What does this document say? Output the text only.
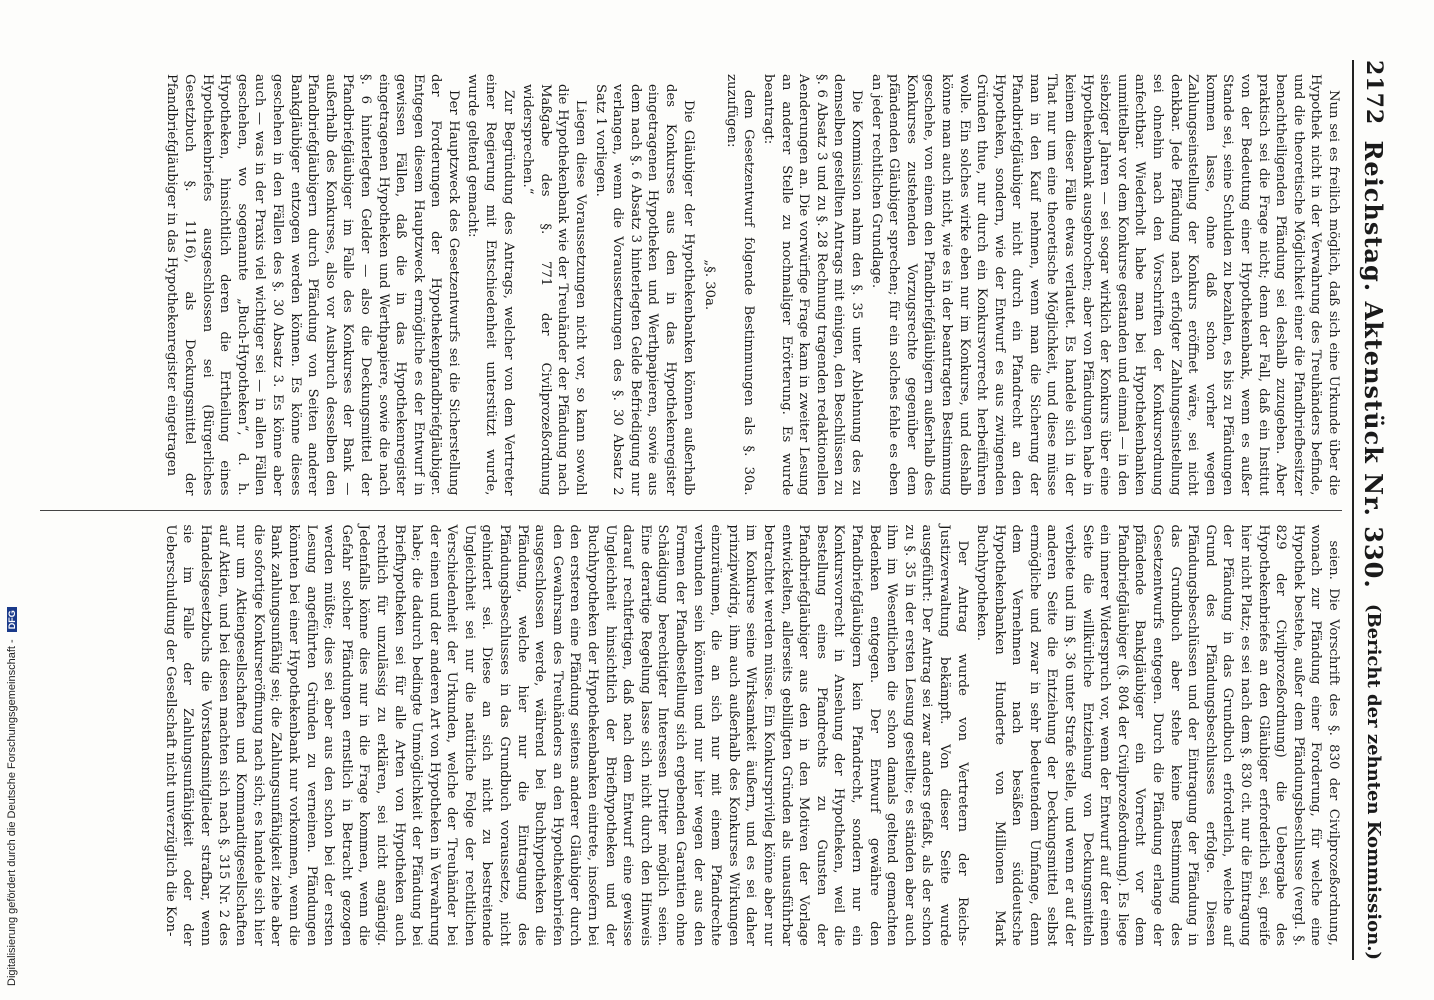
2172
Reichstag. Aktenstück Nr. 330.
(Bericht der zehnten Kommission.)

Nun sei es freilich möglich, daß sich eine Urkunde über die Hypothek nicht in der Verwahrung des Treuhänders befinde, und die theoretische Möglichkeit einer die Pfandbriefbesitzer benachtheiligenden Pfändung sei deshalb zuzugeben. Aber praktisch sei die Frage nicht; denn der Fall, daß ein Institut von der Bedeutung einer Hypothekenbank, wenn es außer Stande sei, seine Schulden zu bezahlen, es bis zu Pfändungen kommen lasse, ohne daß schon vorher wegen Zahlungseinstellung der Konkurs eröffnet wäre, sei nicht denkbar. Jede Pfändung nach erfolgter Zahlungseinstellung sei ohnehin nach den Vorschriften der Konkursordnung anfechtbar. Wiederholt habe man bei Hypothekenbanken unmittelbar vor dem Konkurse gestanden und einmal — in den siebziger Jahren — sei sogar wirklich der Konkurs über eine Hypothekenbank ausgebrochen; aber von Pfändungen habe in keinem dieser Fälle etwas verlautet. Es handele sich in der That nur um eine theoretische Möglichkeit, und diese müsse man in den Kauf nehmen, wenn man die Sicherung der Pfandbriefgläubiger nicht durch ein Pfandrecht an den Hypotheken, sondern, wie der Entwurf es aus zwingenden Gründen thue, nur durch ein Konkursvorrecht herbeiführen wolle. Ein solches wirke eben nur im Konkurse, und deshalb könne man auch nicht, wie es in der beantragten Bestimmung geschehe, von einem den Pfandbriefgläubigern außerhalb des Konkurses zustehenden Vorzugsrechte gegenüber dem pfändenden Gläubiger sprechen; für ein solches fehle es eben an jeder rechtlichen Grundlage.

Die Kommission nahm den §. 35 unter Ablehnung des zu demselben gestellten Antrags mit einigen, den Beschlüssen zu §. 6 Absatz 3 und zu §. 28 Rechnung tragenden redaktionellen Aenderungen an. Die vorwürfige Frage kam in zweiter Lesung an anderer Stelle zu nochmaliger Erörterung. Es wurde beantragt:

dem Gesetzentwurf folgende Bestimmungen als §. 30a. zuzufügen:

„§. 30a.

Die Gläubiger der Hypothekenbanken können außerhalb des Konkurses aus den in das Hypothekenregister eingetragenen Hypotheken und Werthpapieren, sowie aus dem nach §. 6 Absatz 3 hinterlegten Gelde Befriedigung nur verlangen, wenn die Voraussetzungen des §. 30 Absatz 2 Satz 1 vorliegen.

Liegen diese Voraussetzungen nicht vor, so kann sowohl die Hypothekenbank wie der Treuhänder der Pfändung nach Maßgabe des §. 771 der Civilprozeßordnung widersprechen.“

Zur Begründung des Antrags, welcher von dem Vertreter einer Regierung mit Entschiedenheit unterstützt wurde, wurde geltend gemacht:

Der Hauptzweck des Gesetzentwurfs sei die Sicherstellung der Forderungen der Hypothekenpfandbriefgläubiger. Entgegen diesem Hauptzweck ermögliche es der Entwurf in gewissen Fällen, daß die in das Hypothekenregister eingetragenen Hypotheken und Werthpapiere, sowie die nach §. 6 hinterlegten Gelder — also die Deckungsmittel der Pfandbriefgläubiger im Falle des Konkurses der Bank — außerhalb des Konkurses, also vor Ausbruch desselben den Pfandbriefgläubigern durch Pfändung von Seiten anderer Bankgläubiger entzogen werden können. Es könne dieses geschehen in den Fällen des §. 30 Absatz 3. Es könne aber auch — was in der Praxis viel wichtiger sei — in allen Fällen geschehen, wo sogenannte „Buch-Hypotheken“, d. h. Hypotheken, hinsichtlich deren die Ertheilung eines Hypothekenbriefes ausgeschlossen sei (Bürgerliches Gesetzbuch §. 1116), als Deckungsmittel der Pfandbriefgläubiger in das Hypothekenregister eingetragen

seien. Die Vorschrift des §. 830 der Civilprozeßordnung, wonach zur Pfändung einer Forderung, für welche eine Hypothek bestehe, außer dem Pfändungsbeschlusse (vergl. §. 829 der Civilprozeßordnung) die Uebergabe des Hypothekenbriefes an den Gläubiger erforderlich sei, greife hier nicht Platz; es sei nach dem §. 830 cit. nur die Eintragung der Pfändung in das Grundbuch erforderlich, welche auf Grund des Pfändungsbeschlusses erfolge. Diesen Pfändungsbeschlüssen und der Eintragung der Pfändung in das Grundbuch aber stehe keine Bestimmung des Gesetzentwurfs entgegen. Durch die Pfändung erlange der pfändende Bankgläubiger ein Vorrecht vor dem Pfandbriefgläubiger (§. 804 der Civilprozeßordnung). Es liege ein innerer Widerspruch vor, wenn der Entwurf auf der einen Seite die willkürliche Entziehung von Deckungsmitteln verbiete und im §. 36 unter Strafe stelle, und wenn er auf der anderen Seite die Entziehung der Deckungsmittel selbst ermögliche und zwar in sehr bedeutendem Umfange, denn dem Vernehmen nach besäßen süddeutsche Hypothekenbanken Hunderte von Millionen Mark Buchhypotheken.

Der Antrag wurde von Vertretern der Reichs-Justizverwaltung bekämpft. Von dieser Seite wurde ausgeführt: Der Antrag sei zwar anders gefaßt, als der schon zu §. 35 in der ersten Lesung gestellte; es ständen aber auch ihm im Wesentlichen die schon damals geltend gemachten Bedenken entgegen. Der Entwurf gewähre den Pfandbriefgläubigern kein Pfandrecht, sondern nur ein Konkursvorrecht in Ansehung der Hypotheken, weil die Bestellung eines Pfandrechts zu Gunsten der Pfandbriefgläubiger aus den in den Motiven der Vorlage entwickelten, allerseits gebilligten Gründen als unausführbar betrachtet werden müsse. Ein Konkursprivileg könne aber nur im Konkurse seine Wirksamkeit äußern, und es sei daher prinzipwidrig, ihm auch außerhalb des Konkurses Wirkungen einzuräumen, die an sich nur mit einem Pfandrechte verbunden sein könnten und nur hier wegen der aus den Formen der Pfandbestellung sich ergebenden Garantien ohne Schädigung berechtigter Interessen Dritter möglich seien. Eine derartige Regelung lasse sich nicht durch den Hinweis darauf rechtfertigen, daß nach dem Entwurf eine gewisse Ungleichheit hinsichtlich der Briefhypotheken und der Buchhypotheken der Hypothekenbanken eintrete, insofern bei den ersteren eine Pfändung seitens anderer Gläubiger durch den Gewahrsam des Treuhänders an den Hypothekenbriefen ausgeschlossen werde, während bei Buchhypotheken die Pfändung, welche hier nur die Eintragung des Pfändungsbeschlusses in das Grundbuch voraussetze, nicht gehindert sei. Diese an sich nicht zu bestreitende Ungleichheit sei nur die natürliche Folge der rechtlichen Verschiedenheit der Urkunden, welche der Treuhänder bei der einen und der anderen Art von Hypotheken in Verwahrung habe; die dadurch bedingte Unmöglichkeit der Pfändung bei Briefhypotheken sei für alle Arten von Hypotheken auch rechtlich für unzulässig zu erklären, sei nicht angängig. Jedenfalls könne dies nur in die Frage kommen, wenn die Gefahr solcher Pfändungen ernstlich in Betracht gezogen werden müßte; dies sei aber aus den schon bei der ersten Lesung angeführten Gründen zu verneinen. Pfändungen könnten bei einer Hypothekenbank nur vorkommen, wenn die Bank zahlungsunfähig sei; die Zahlungsunfähigkeit ziehe aber die sofortige Konkurseröffnung nach sich; es handele sich hier nur um Aktiengesellschaften und Kommanditgesellschaften auf Aktien, und bei diesen machten sich nach §. 315 Nr. 2 des Handelsgesetzbuchs die Vorstandsmitglieder strafbar, wenn sie im Falle der Zahlungsunfähigkeit oder der Ueberschuldung der Gesellschaft nicht unverzüglich die Kon-

Digitalisierung gefördert durch die Deutsche Forschungsgemeinschaft - DFG
